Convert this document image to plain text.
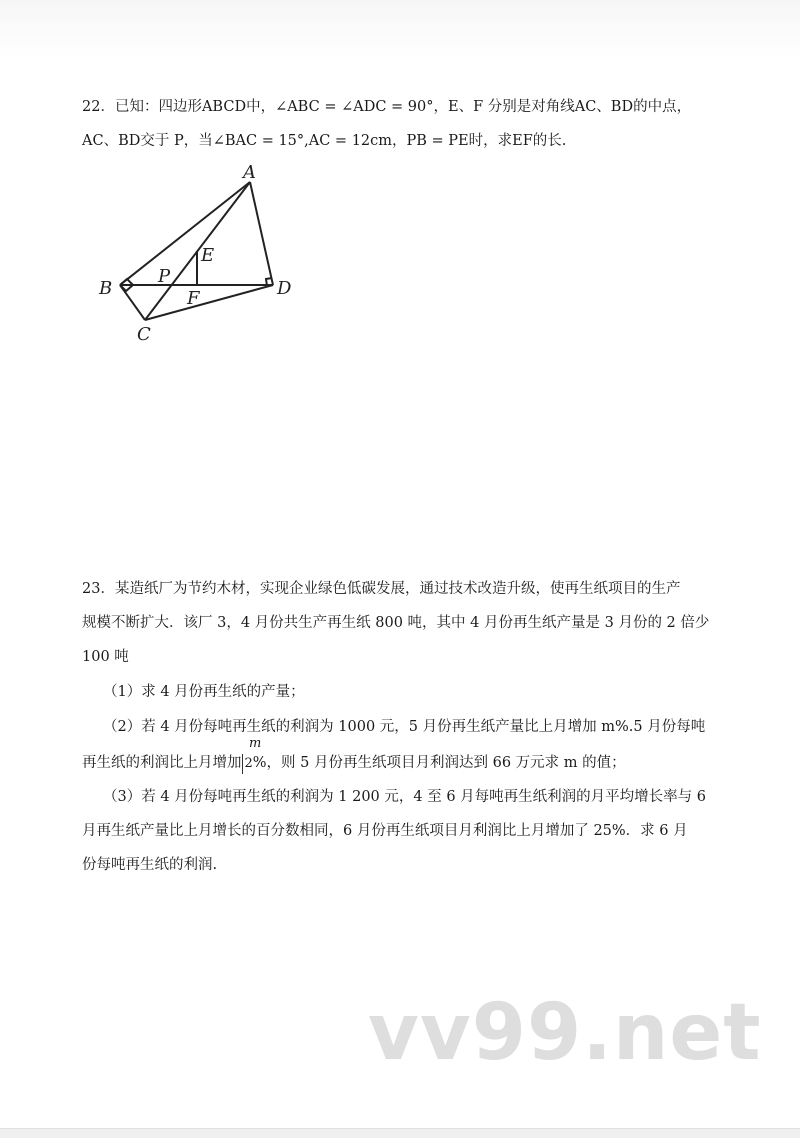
22．已知：四边形ABCD中，∠ABC = ∠ADC = 90°，E、F 分别是对角线AC、BD的中点，
AC、BD交于 P，当∠BAC = 15°,AC = 12cm，PB = PE时，求EF的长.
A
B
C
D
E
F
P
23．某造纸厂为节约木材，实现企业绿色低碳发展，通过技术改造升级，使再生纸项目的生产
规模不断扩大．该厂 3，4 月份共生产再生纸 800 吨，其中 4 月份再生纸产量是 3 月份的 2 倍少
100 吨
（1）求 4 月份再生纸的产量；
（2）若 4 月份每吨再生纸的利润为 1000 元，5 月份再生纸产量比上月增加 m%.5 月份每吨
m
再生纸的利润比上月增加 2%，则 5 月份再生纸项目月利润达到 66 万元求 m 的值；
（3）若 4 月份每吨再生纸的利润为 1 200 元，4 至 6 月每吨再生纸利润的月平均增长率与 6
月再生纸产量比上月增长的百分数相同，6 月份再生纸项目月利润比上月增加了 25%．求 6 月
份每吨再生纸的利润.
vv99.net
